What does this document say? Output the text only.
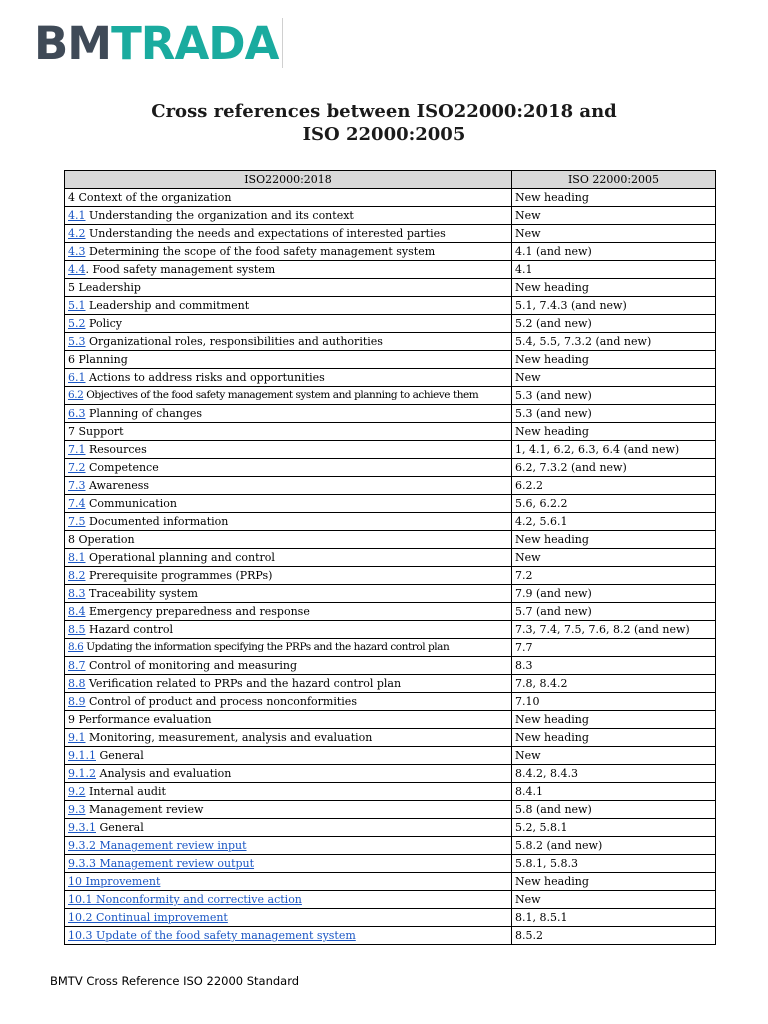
BM TRADA
Cross references between ISO22000:2018 and
ISO 22000:2005
ISO22000:2018	ISO 22000:2005
4 Context of the organization	New heading
4.1 Understanding the organization and its context	New
4.2 Understanding the needs and expectations of interested parties	New
4.3 Determining the scope of the food safety management system	4.1 (and new)
4.4. Food safety management system	4.1
5 Leadership	New heading
5.1 Leadership and commitment	5.1, 7.4.3 (and new)
5.2 Policy	5.2 (and new)
5.3 Organizational roles, responsibilities and authorities	5.4, 5.5, 7.3.2 (and new)
6 Planning	New heading
6.1 Actions to address risks and opportunities	New
6.2 Objectives of the food safety management system and planning to achieve them	5.3 (and new)
6.3 Planning of changes	5.3 (and new)
7 Support	New heading
7.1 Resources	1, 4.1, 6.2, 6.3, 6.4 (and new)
7.2 Competence	6.2, 7.3.2 (and new)
7.3 Awareness	6.2.2
7.4 Communication	5.6, 6.2.2
7.5 Documented information	4.2, 5.6.1
8 Operation	New heading
8.1 Operational planning and control	New
8.2 Prerequisite programmes (PRPs)	7.2
8.3 Traceability system	7.9 (and new)
8.4 Emergency preparedness and response	5.7 (and new)
8.5 Hazard control	7.3, 7.4, 7.5, 7.6, 8.2 (and new)
8.6 Updating the information specifying the PRPs and the hazard control plan	7.7
8.7 Control of monitoring and measuring	8.3
8.8 Verification related to PRPs and the hazard control plan	7.8, 8.4.2
8.9 Control of product and process nonconformities	7.10
9 Performance evaluation	New heading
9.1 Monitoring, measurement, analysis and evaluation	New heading
9.1.1 General	New
9.1.2 Analysis and evaluation	8.4.2, 8.4.3
9.2 Internal audit	8.4.1
9.3 Management review	5.8 (and new)
9.3.1 General	5.2, 5.8.1
9.3.2 Management review input	5.8.2 (and new)
9.3.3 Management review output	5.8.1, 5.8.3
10 Improvement	New heading
10.1 Nonconformity and corrective action	New
10.2 Continual improvement	8.1, 8.5.1
10.3 Update of the food safety management system	8.5.2
BMTV Cross Reference ISO 22000 Standard
